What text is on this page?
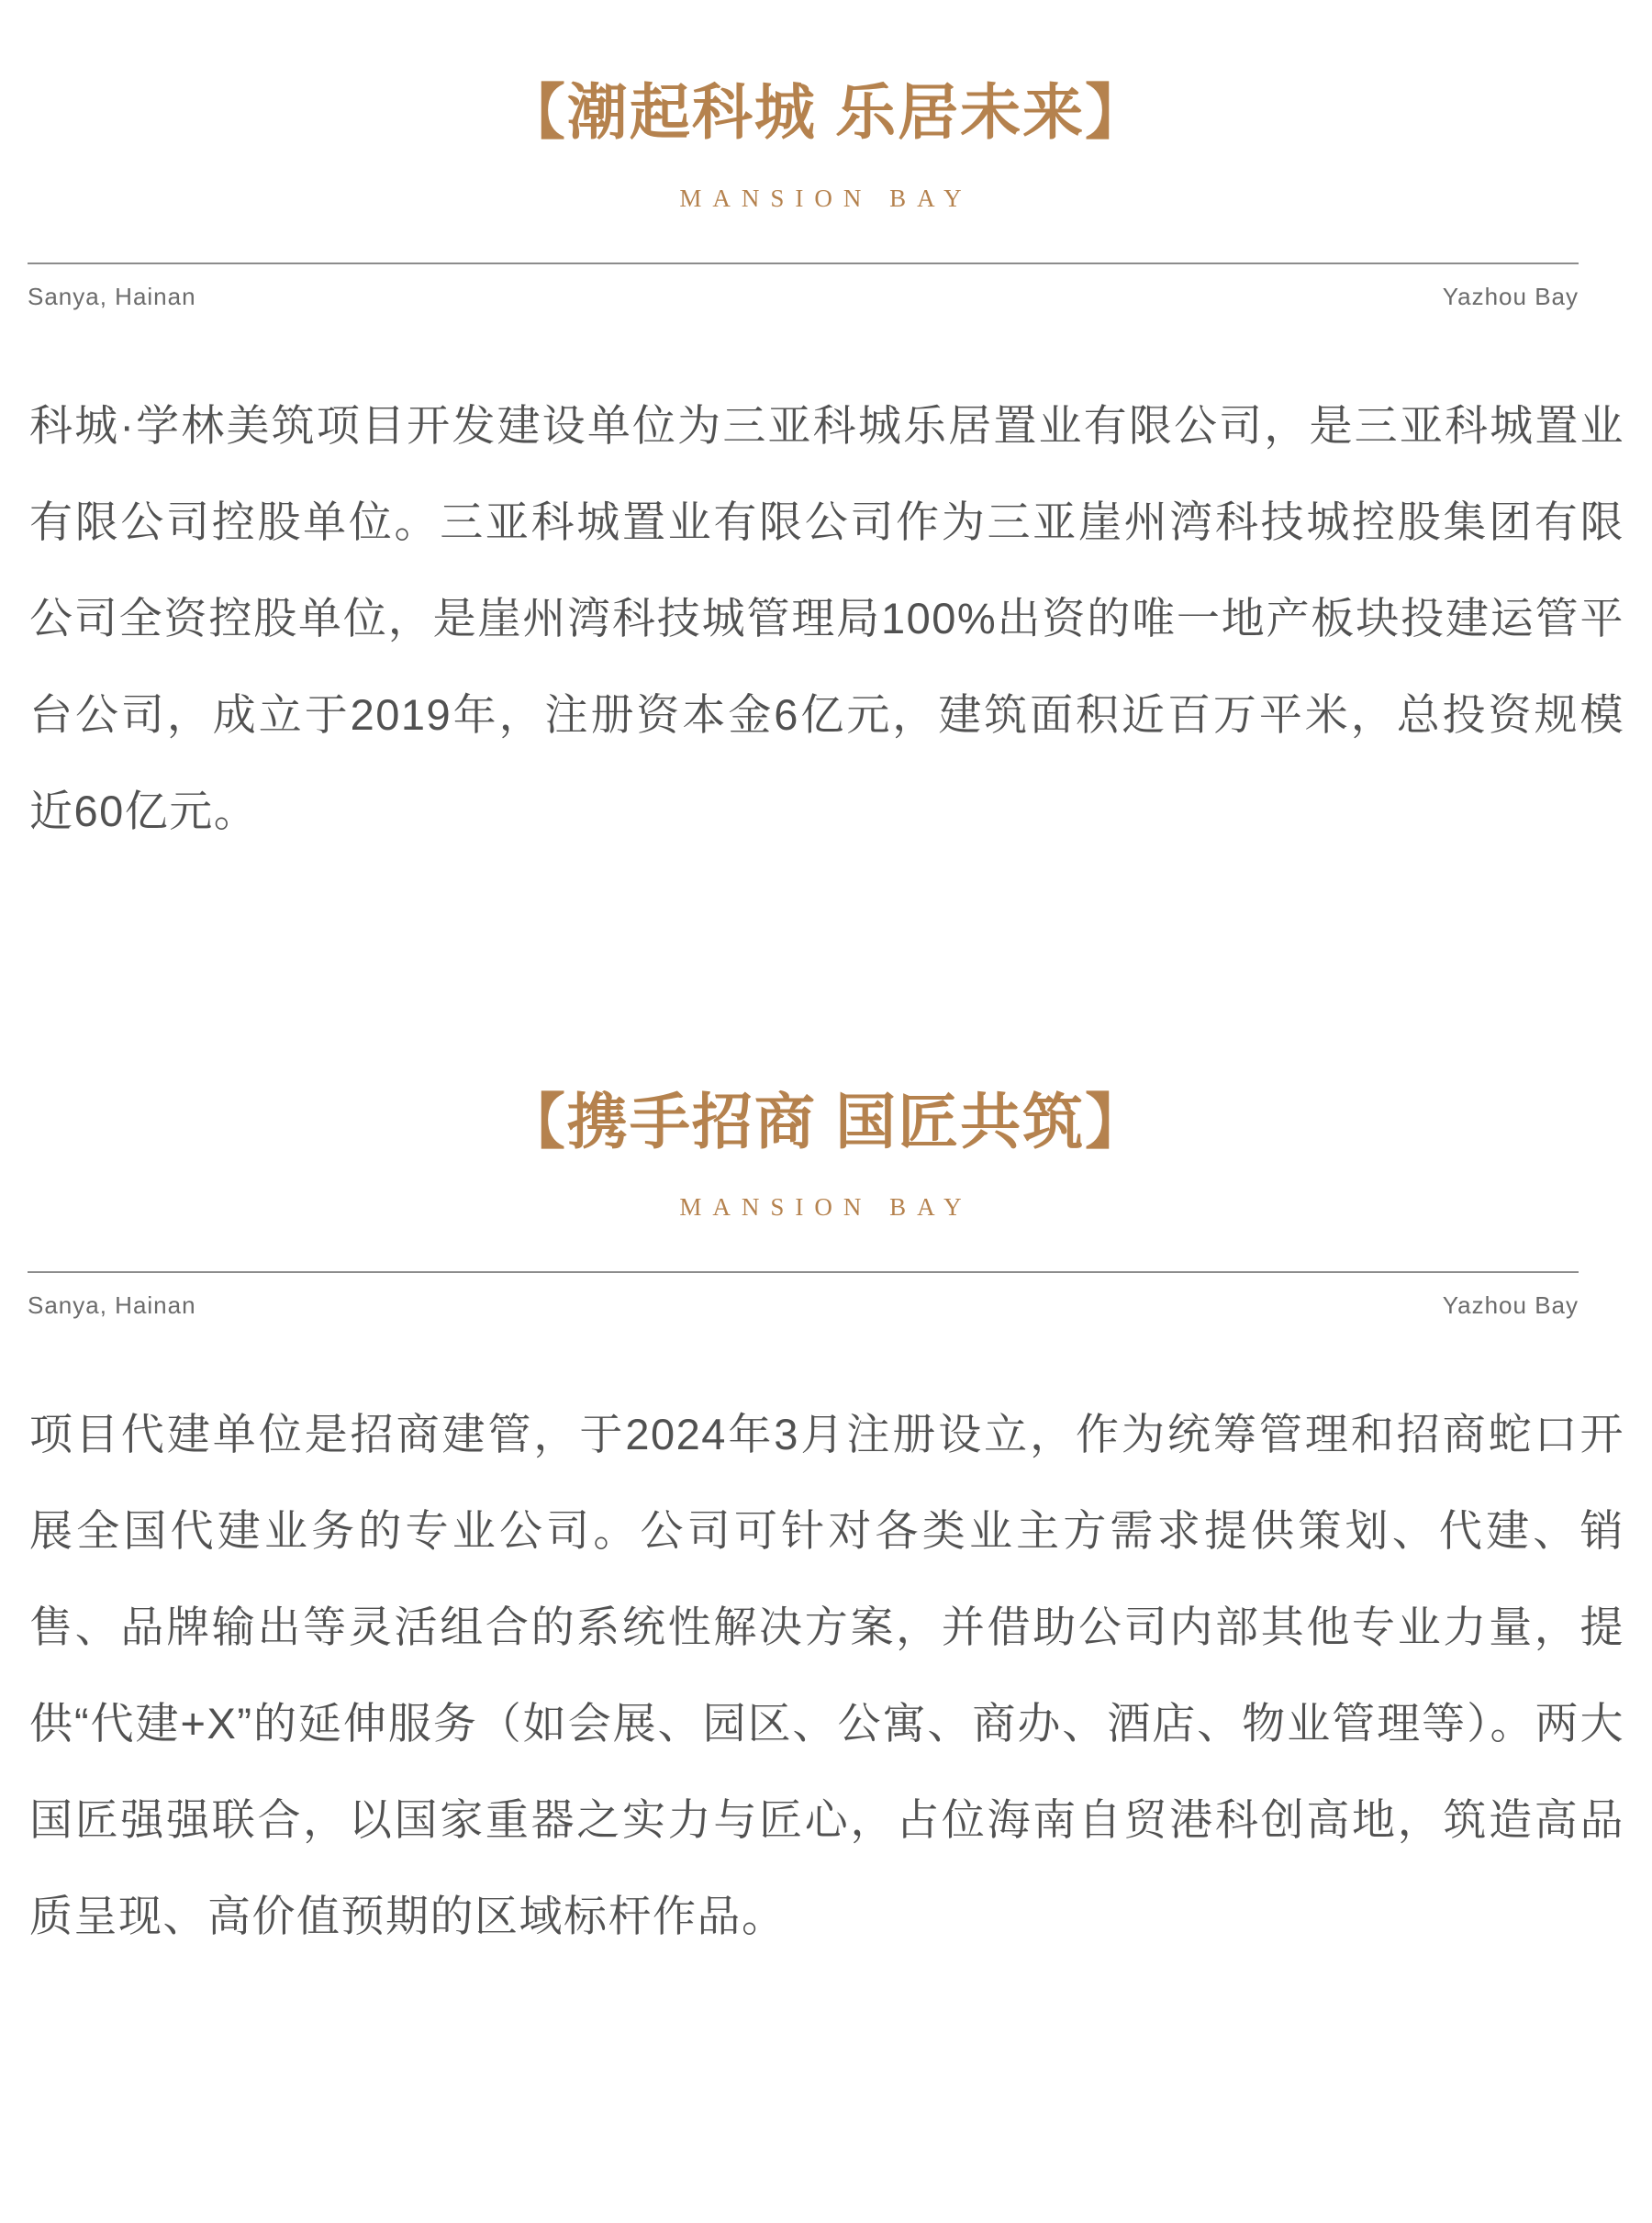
【潮起科城 乐居未来】
MANSION BAY
Sanya, Hainan	Yazhou Bay

科城·学林美筑项目开发建设单位为三亚科城乐居置业有限公司，是三亚科城置业有限公司控股单位。三亚科城置业有限公司作为三亚崖州湾科技城控股集团有限公司全资控股单位，是崖州湾科技城管理局100%出资的唯一地产板块投建运管平台公司，成立于2019年，注册资本金6亿元，建筑面积近百万平米，总投资规模近60亿元。

【携手招商 国匠共筑】
MANSION BAY
Sanya, Hainan	Yazhou Bay

项目代建单位是招商建管，于2024年3月注册设立，作为统筹管理和招商蛇口开展全国代建业务的专业公司。公司可针对各类业主方需求提供策划、代建、销售、品牌输出等灵活组合的系统性解决方案，并借助公司内部其他专业力量，提供“代建+X”的延伸服务（如会展、园区、公寓、商办、酒店、物业管理等）。两大国匠强强联合，以国家重器之实力与匠心，占位海南自贸港科创高地，筑造高品质呈现、高价值预期的区域标杆作品。
